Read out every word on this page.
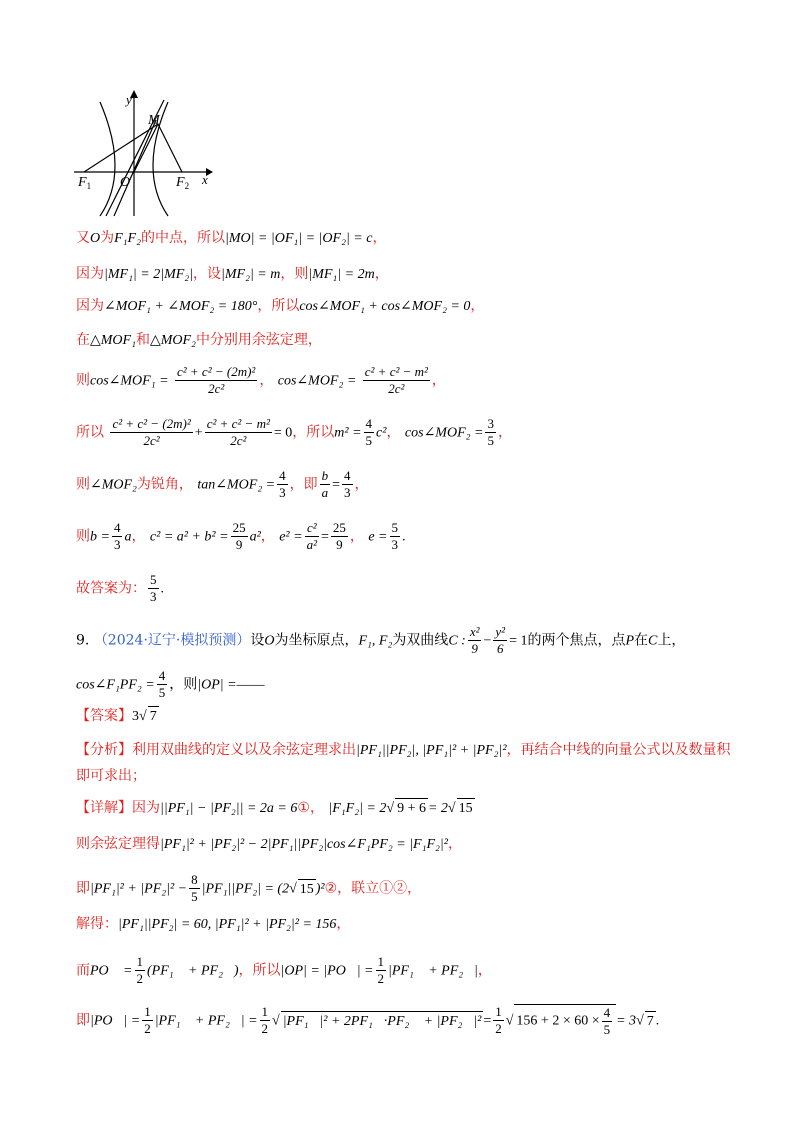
y
x
M
O
$F_1$	$F_2$
又O为F₁F₂的中点，所以|MO| = |OF₁| = |OF₂| = c，
因为|MF₁| = 2|MF₂|，设|MF₂| = m，则|MF₁| = 2m，
因为∠MOF₁ + ∠MOF₂ = 180°，所以cos∠MOF₁ + cos∠MOF₂ = 0，
在△MOF₁和△MOF₂中分别用余弦定理，
则cos∠MOF₁ = $\frac{\text{c² + c² − (2m)²}}{\text{2c²}}$ ， cos∠MOF₂ = $\frac{\text{c² + c² − m²}}{\text{2c²}}$ ，
所以 $\frac{\text{c² + c² − (2m)²}}{\text{2c²}} + \frac{\text{c² + c² − m²}}{\text{2c²}} = 0$，所以$m^2 = \frac{4}{5} c^2$， cos∠MOF₂ = $\frac{3}{5}$ ，
则∠MOF₂为锐角， tan∠MOF₂ = $\frac{4}{3}$ ，即 $\frac{b}{a} = \frac{4}{3}$ ，
则$b = \frac{4}{3}$ a， $c^2 = a^2 + b^2 = \frac{25}{9} a^2$， $e^2 = \frac{\text{c²}}{\text{a²}} = \frac{25}{9}$ ， $e = \frac{5}{3}$ .
故答案为： $\frac{5}{3}$ .
9. （2024·辽宁·模拟预测）设O为坐标原点，F₁, F₂为双曲线C : $\frac{\text{x²}}{9} - \frac{\text{y²}}{6} = 1$的两个焦点，点P在C上，
cos∠F₁PF₂ = $\frac{4}{5}$ ，则|OP| =——
【答案】3√ 7
【分析】利用双曲线的定义以及余弦定理求出|PF₁||PF₂|, |PF₁|² + |PF₂|²，再结合中线的向量公式以及数量积
即可求出；
【详解】因为||PF₁| − |PF₂|| = 2a = 6①， |F₁F₂| = 2√ 9 + 6 = 2√ 15
则余弦定理得|PF₁|² + |PF₂|² − 2|PF₁||PF₂|cos∠F₁PF₂ = |F₁F₂|²，
即$|PF_1|^2 + |PF_2|^2 - \frac{8}{5} |PF_1||PF_2| = (2√$ 15 )²②，联立①②，
解得：|PF₁||PF₂| = 60, |PF₁|² + |PF₂|² = 156，
而PO⃗ = $\frac{1}{2}$ (PF₁⃗ + PF₂⃗)，所以|OP| = |PO⃗| = $\frac{1}{2}$ |PF₁⃗ + PF₂⃗|，
即|PO⃗| = $\frac{1}{2}$ |PF₁⃗ + PF₂⃗| = $\frac{1}{2}$ √ |PF₁⃗|² + 2PF₁⃗·PF₂⃗ + |PF₂⃗|² = $\frac{1}{2}$ √ $156 + 2 \times 60 \times \frac{4}{5} = 3√$ 7 .
